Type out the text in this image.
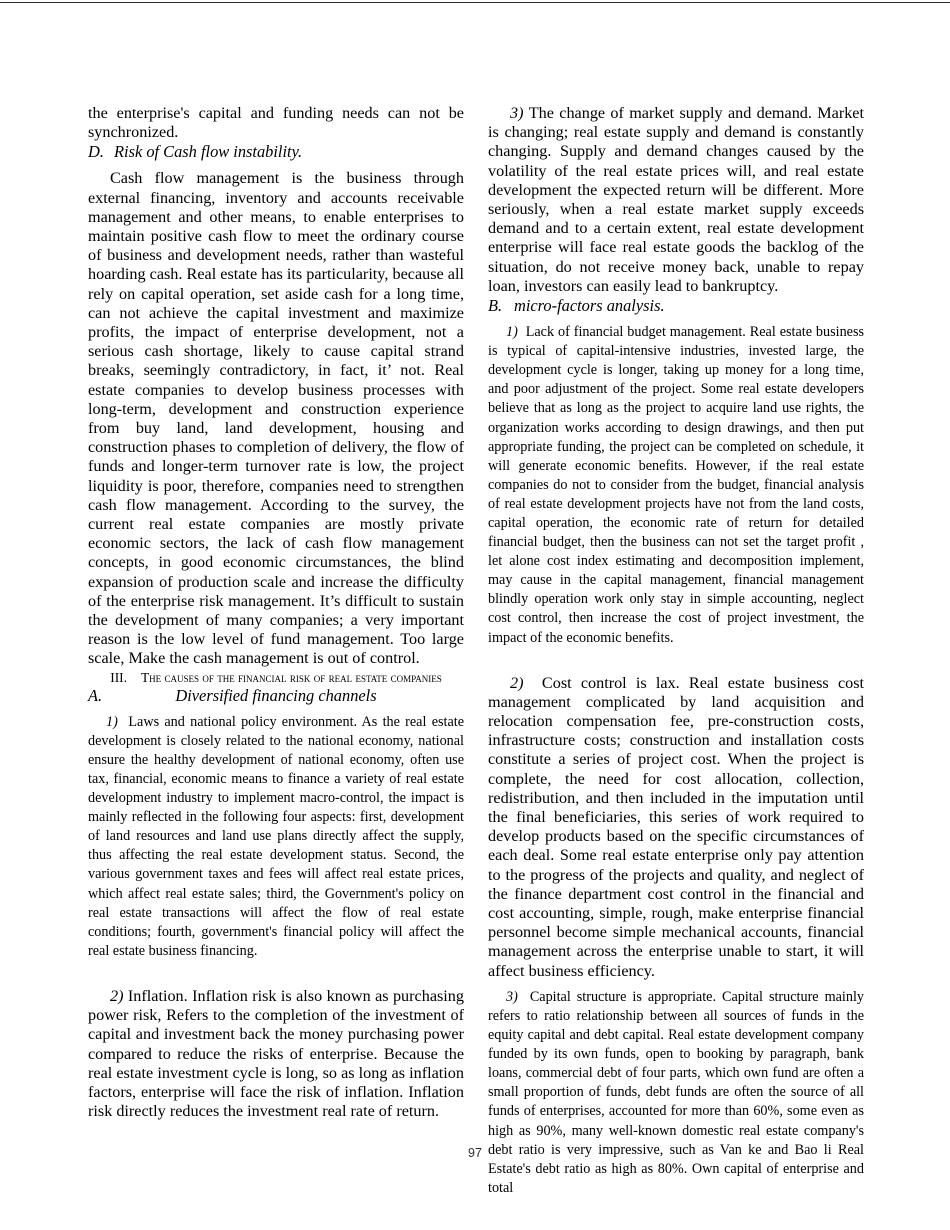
the enterprise's capital and funding needs can not be synchronized.

D. Risk of Cash flow instability.

Cash flow management is the business through external financing, inventory and accounts receivable management and other means, to enable enterprises to maintain positive cash flow to meet the ordinary course of business and development needs, rather than wasteful hoarding cash. Real estate has its particularity, because all rely on capital operation, set aside cash for a long time, can not achieve the capital investment and maximize profits, the impact of enterprise development, not a serious cash shortage, likely to cause capital strand breaks, seemingly contradictory, in fact, it’ not. Real estate companies to develop business processes with long-term, development and construction experience from buy land, land development, housing and construction phases to completion of delivery, the flow of funds and longer-term turnover rate is low, the project liquidity is poor, therefore, companies need to strengthen cash flow management. According to the survey, the current real estate companies are mostly private economic sectors, the lack of cash flow management concepts, in good economic circumstances, the blind expansion of production scale and increase the difficulty of the enterprise risk management. It’s difficult to sustain the development of many companies; a very important reason is the low level of fund management. Too large scale, Make the cash management is out of control.

III. The causes of the financial risk of real estate companies

A.	Diversified financing channels

1) Laws and national policy environment. As the real estate development is closely related to the national economy, national ensure the healthy development of national economy, often use tax, financial, economic means to finance a variety of real estate development industry to implement macro-control, the impact is mainly reflected in the following four aspects: first, development of land resources and land use plans directly affect the supply, thus affecting the real estate development status. Second, the various government taxes and fees will affect real estate prices, which affect real estate sales; third, the Government's policy on real estate transactions will affect the flow of real estate conditions; fourth, government's financial policy will affect the real estate business financing.

2) Inflation. Inflation risk is also known as purchasing power risk, Refers to the completion of the investment of capital and investment back the money purchasing power compared to reduce the risks of enterprise. Because the real estate investment cycle is long, so as long as inflation factors, enterprise will face the risk of inflation. Inflation risk directly reduces the investment real rate of return.

3) The change of market supply and demand. Market is changing; real estate supply and demand is constantly changing. Supply and demand changes caused by the volatility of the real estate prices will, and real estate development the expected return will be different. More seriously, when a real estate market supply exceeds demand and to a certain extent, real estate development enterprise will face real estate goods the backlog of the situation, do not receive money back, unable to repay loan, investors can easily lead to bankruptcy.

B. micro-factors analysis.

1) Lack of financial budget management. Real estate business is typical of capital-intensive industries, invested large, the development cycle is longer, taking up money for a long time, and poor adjustment of the project. Some real estate developers believe that as long as the project to acquire land use rights, the organization works according to design drawings, and then put appropriate funding, the project can be completed on schedule, it will generate economic benefits. However, if the real estate companies do not to consider from the budget, financial analysis of real estate development projects have not from the land costs, capital operation, the economic rate of return for detailed financial budget, then the business can not set the target profit , let alone cost index estimating and decomposition implement, may cause in the capital management, financial management blindly operation work only stay in simple accounting, neglect cost control, then increase the cost of project investment, the impact of the economic benefits.

2) Cost control is lax. Real estate business cost management complicated by land acquisition and relocation compensation fee, pre-construction costs, infrastructure costs; construction and installation costs constitute a series of project cost. When the project is complete, the need for cost allocation, collection, redistribution, and then included in the imputation until the final beneficiaries, this series of work required to develop products based on the specific circumstances of each deal. Some real estate enterprise only pay attention to the progress of the projects and quality, and neglect of the finance department cost control in the financial and cost accounting, simple, rough, make enterprise financial personnel become simple mechanical accounts, financial management across the enterprise unable to start, it will affect business efficiency.

3) Capital structure is appropriate. Capital structure mainly refers to ratio relationship between all sources of funds in the equity capital and debt capital. Real estate development company funded by its own funds, open to booking by paragraph, bank loans, commercial debt of four parts, which own fund are often a small proportion of funds, debt funds are often the source of all funds of enterprises, accounted for more than 60%, some even as high as 90%, many well-known domestic real estate company's debt ratio is very impressive, such as Van ke and Bao li Real Estate's debt ratio as high as 80%. Own capital of enterprise and total

97
